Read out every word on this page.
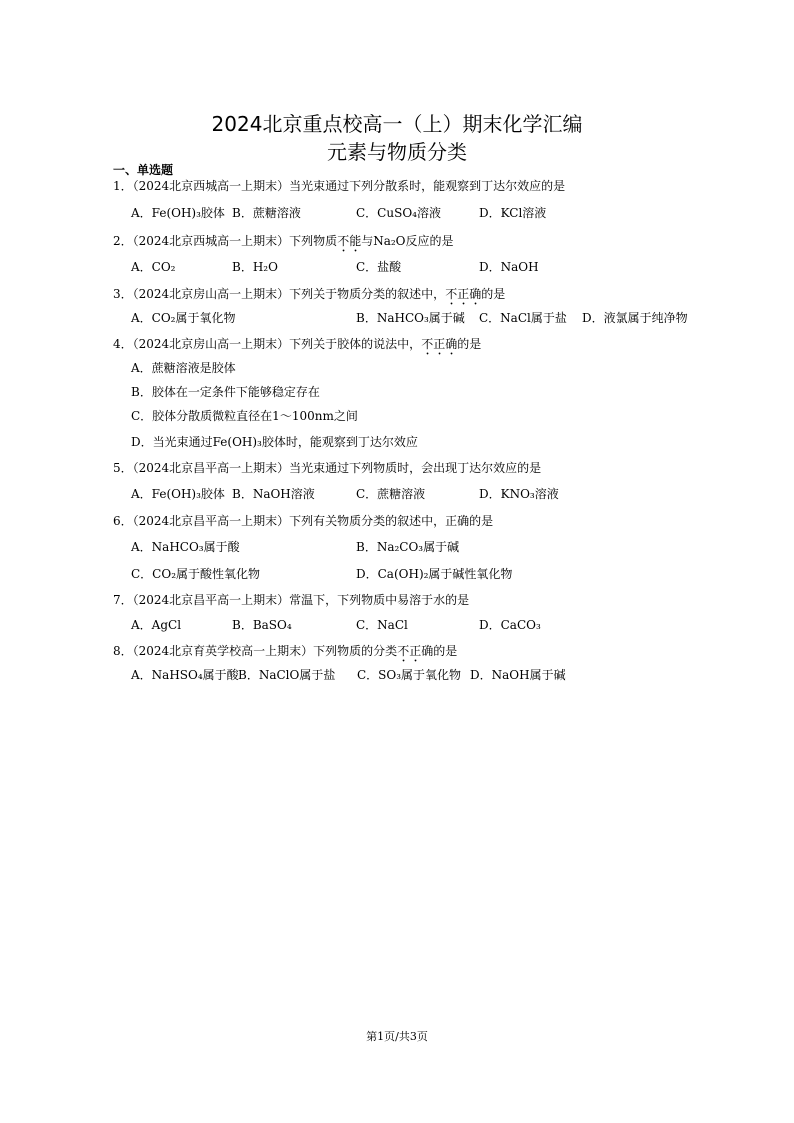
2024北京重点校高一（上）期末化学汇编
元素与物质分类
一、单选题
1．（2024北京西城高一上期末）当光束通过下列分散系时，能观察到丁达尔效应的是
A．Fe(OH)₃胶体 B．蔗糖溶液	C．CuSO₄溶液	D．KCl溶液
2．（2024北京西城高一上期末）下列物质不能与Na₂O反应的是
A．CO₂	B．H₂O	C．盐酸	D．NaOH
3．（2024北京房山高一上期末）下列关于物质分类的叙述中，不正确的是
A．CO₂属于氧化物	B．NaHCO₃属于碱 C．NaCl属于盐 D．液氯属于纯净物
4．（2024北京房山高一上期末）下列关于胶体的说法中，不正确的是
A．蔗糖溶液是胶体
B．胶体在一定条件下能够稳定存在
C．胶体分散质微粒直径在1～100nm之间
D．当光束通过Fe(OH)₃胶体时，能观察到丁达尔效应
5．（2024北京昌平高一上期末）当光束通过下列物质时，会出现丁达尔效应的是
A．Fe(OH)₃胶体 B．NaOH溶液	C．蔗糖溶液	D．KNO₃溶液
6．（2024北京昌平高一上期末）下列有关物质分类的叙述中，正确的是
A．NaHCO₃属于酸	B．Na₂CO₃属于碱
C．CO₂属于酸性氧化物	D．Ca(OH)₂属于碱性氧化物
7．（2024北京昌平高一上期末）常温下，下列物质中易溶于水的是
A．AgCl	B．BaSO₄	C．NaCl	D．CaCO₃
8．（2024北京育英学校高一上期末）下列物质的分类不正确的是
A．NaHSO₄属于酸 B．NaClO属于盐 C．SO₃属于氧化物 D．NaOH属于碱
第1页/共3页
